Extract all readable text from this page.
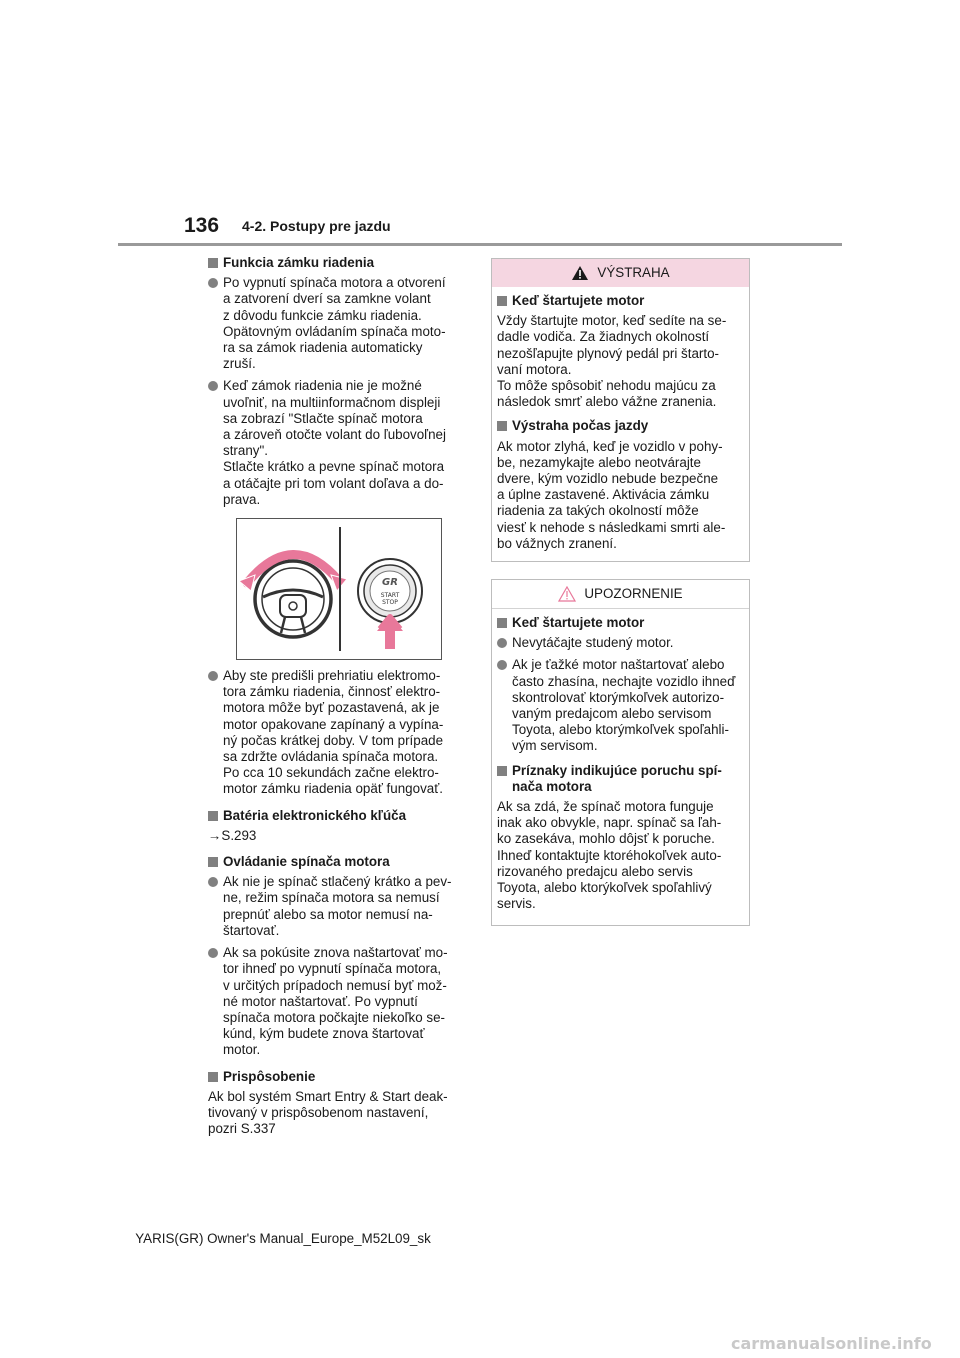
136 4-2. Postupy pre jazdu
Funkcia zámku riadenia
Po vypnutí spínača motora a otvorení
a zatvorení dverí sa zamkne volant
z dôvodu funkcie zámku riadenia.
Opätovným ovládaním spínača moto-
ra sa zámok riadenia automaticky
zruší.
Keď zámok riadenia nie je možné
uvoľniť, na multiinformačnom displeji
sa zobrazí "Stlačte spínač motora
a zároveň otočte volant do ľubovoľnej
strany".
Stlačte krátko a pevne spínač motora
a otáčajte pri tom volant doľava a do-
prava.
GR
START
STOP
Aby ste predišli prehriatiu elektromo-
tora zámku riadenia, činnosť elektro-
motora môže byť pozastavená, ak je
motor opakovane zapínaný a vypína-
ný počas krátkej doby. V tom prípade
sa zdržte ovládania spínača motora.
Po cca 10 sekundách začne elektro-
motor zámku riadenia opäť fungovať.
Batéria elektronického kľúča
→S.293
Ovládanie spínača motora
Ak nie je spínač stlačený krátko a pev-
ne, režim spínača motora sa nemusí
prepnúť alebo sa motor nemusí na-
štartovať.
Ak sa pokúsite znova naštartovať mo-
tor ihneď po vypnutí spínača motora,
v určitých prípadoch nemusí byť mož-
né motor naštartovať. Po vypnutí
spínača motora počkajte niekoľko se-
kúnd, kým budete znova štartovať
motor.
Prispôsobenie
Ak bol systém Smart Entry & Start deak-
tivovaný v prispôsobenom nastavení,
pozri S.337
VÝSTRAHA
Keď štartujete motor
Vždy štartujte motor, keď sedíte na se-
dadle vodiča. Za žiadnych okolností
nezošľapujte plynový pedál pri štarto-
vaní motora.
To môže spôsobiť nehodu majúcu za
následok smrť alebo vážne zranenia.
Výstraha počas jazdy
Ak motor zlyhá, keď je vozidlo v pohy-
be, nezamykajte alebo neotvárajte
dvere, kým vozidlo nebude bezpečne
a úplne zastavené. Aktivácia zámku
riadenia za takých okolností môže
viesť k nehode s následkami smrti ale-
bo vážnych zranení.
UPOZORNENIE
Keď štartujete motor
Nevytáčajte studený motor.
Ak je ťažké motor naštartovať alebo
často zhasína, nechajte vozidlo ihneď
skontrolovať ktorýmkoľvek autorizo-
vaným predajcom alebo servisom
Toyota, alebo ktorýmkoľvek spoľahli-
vým servisom.
Príznaky indikujúce poruchu spí-
nača motora
Ak sa zdá, že spínač motora funguje
inak ako obvykle, napr. spínač sa ľah-
ko zasekáva, mohlo dôjsť k poruche.
Ihneď kontaktujte ktoréhokoľvek auto-
rizovaného predajcu alebo servis
Toyota, alebo ktorýkoľvek spoľahlivý
servis.
YARIS(GR) Owner's Manual_Europe_M52L09_sk
carmanualsonline.info
